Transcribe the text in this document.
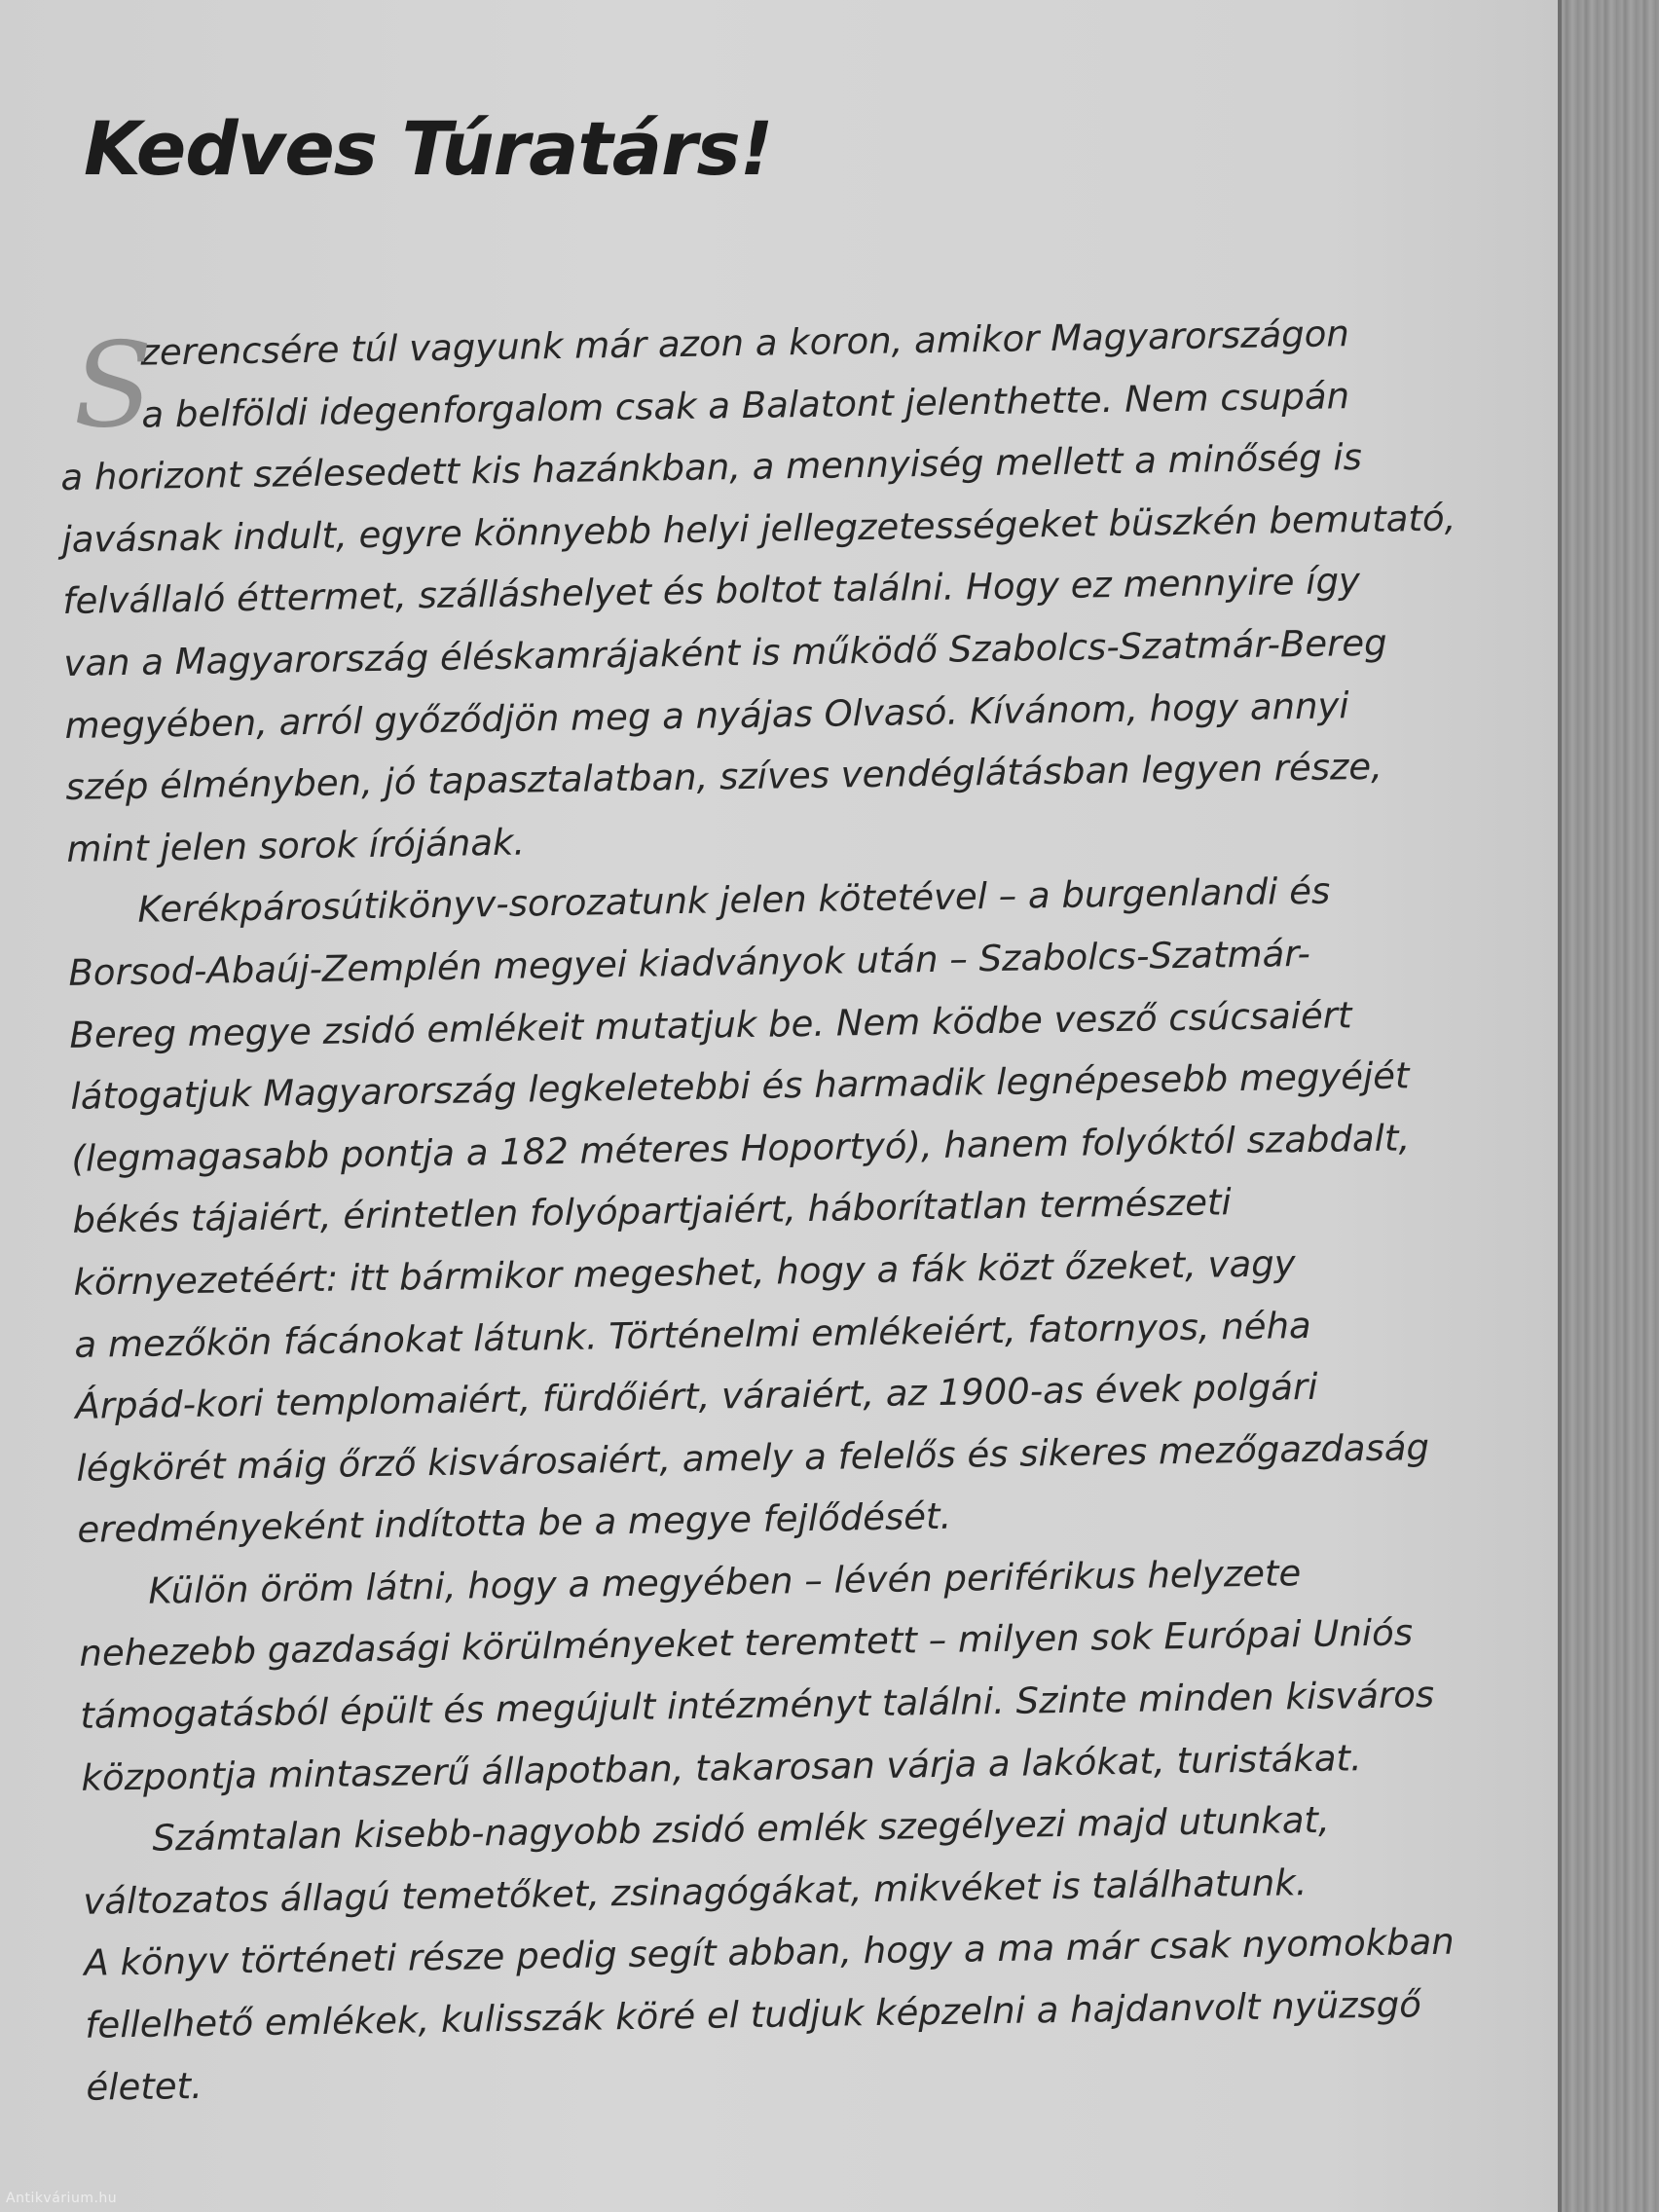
Kedves Túratárs!
S
zerencsére túl vagyunk már azon a koron, amikor Magyarországon
a belföldi idegenforgalom csak a Balatont jelenthette. Nem csupán
a horizont szélesedett kis hazánkban, a mennyiség mellett a minőség is
javásnak indult, egyre könnyebb helyi jellegzetességeket büszkén bemutató,
felvállaló éttermet, szálláshelyet és boltot találni. Hogy ez mennyire így
van a Magyarország éléskamrájaként is működő Szabolcs-Szatmár-Bereg
megyében, arról győződjön meg a nyájas Olvasó. Kívánom, hogy annyi
szép élményben, jó tapasztalatban, szíves vendéglátásban legyen része,
mint jelen sorok írójának.
Kerékpárosútikönyv-sorozatunk jelen kötetével – a burgenlandi és
Borsod-Abaúj-Zemplén megyei kiadványok után – Szabolcs-Szatmár-
Bereg megye zsidó emlékeit mutatjuk be. Nem ködbe vesző csúcsaiért
látogatjuk Magyarország legkeletebbi és harmadik legnépesebb megyéjét
(legmagasabb pontja a 182 méteres Hoportyó), hanem folyóktól szabdalt,
békés tájaiért, érintetlen folyópartjaiért, háborítatlan természeti
környezetéért: itt bármikor megeshet, hogy a fák közt őzeket, vagy
a mezőkön fácánokat látunk. Történelmi emlékeiért, fatornyos, néha
Árpád-kori templomaiért, fürdőiért, váraiért, az 1900-as évek polgári
légkörét máig őrző kisvárosaiért, amely a felelős és sikeres mezőgazdaság
eredményeként indította be a megye fejlődését.
Külön öröm látni, hogy a megyében – lévén periférikus helyzete
nehezebb gazdasági körülményeket teremtett – milyen sok Európai Uniós
támogatásból épült és megújult intézményt találni. Szinte minden kisváros
központja mintaszerű állapotban, takarosan várja a lakókat, turistákat.
Számtalan kisebb-nagyobb zsidó emlék szegélyezi majd utunkat,
változatos állagú temetőket, zsinagógákat, mikvéket is találhatunk.
A könyv történeti része pedig segít abban, hogy a ma már csak nyomokban
fellelhető emlékek, kulisszák köré el tudjuk képzelni a hajdanvolt nyüzsgő
életet.
Antikvárium.hu
